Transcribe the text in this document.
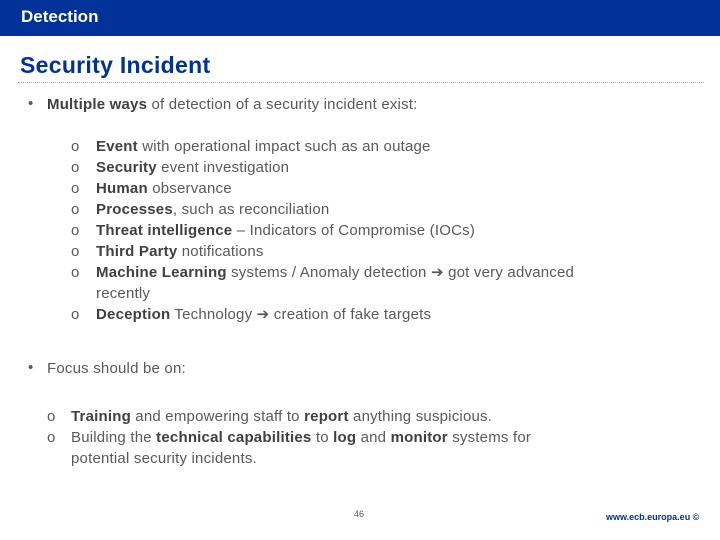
Detection
Security Incident
• Multiple ways of detection of a security incident exist:
o Event with operational impact such as an outage
o Security event investigation
o Human observance
o Processes, such as reconciliation
o Threat intelligence – Indicators of Compromise (IOCs)
o Third Party notifications
o Machine Learning systems / Anomaly detection ➔ got very advanced
recently
o Deception Technology ➔ creation of fake targets
• Focus should be on:
o Training and empowering staff to report anything suspicious.
o Building the technical capabilities to log and monitor systems for
potential security incidents.
46	www.ecb.europa.eu ©
